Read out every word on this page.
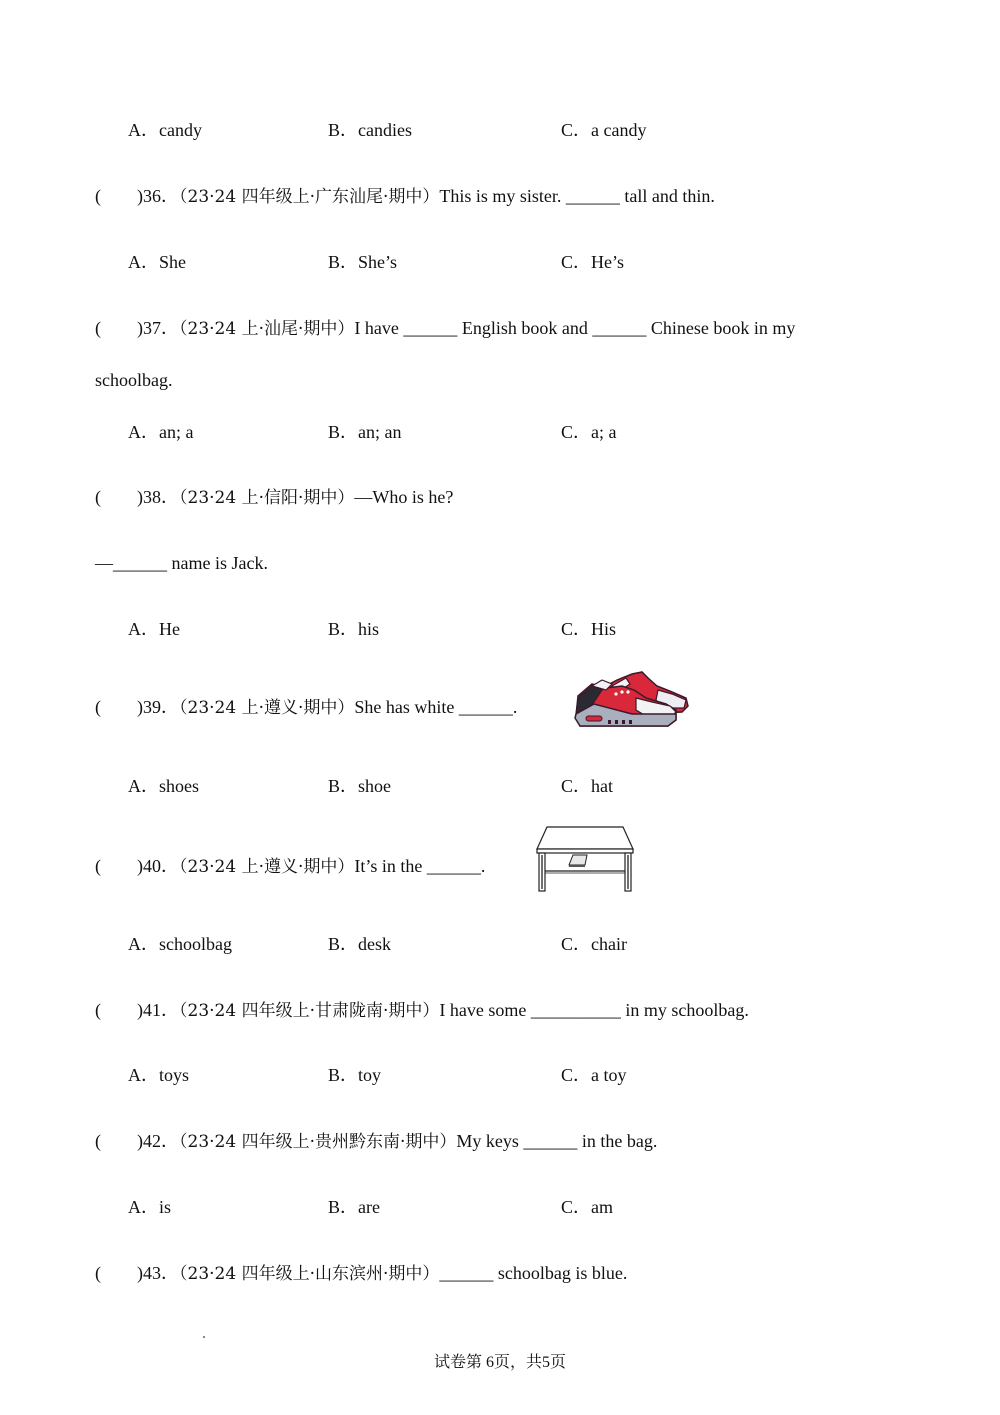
A．candy	B．candies	C．a candy
( )36．（23·24 四年级上·广东汕尾·期中）This is my sister. ______ tall and thin.
A．She	B．She’s	C．He’s
( )37．（23·24 上·汕尾·期中）I have ______ English book and ______ Chinese book in my
schoolbag.
A．an; a	B．an; an	C．a; a
( )38．（23·24 上·信阳·期中）—Who is he?
—______ name is Jack.
A．He	B．his	C．His
( )39．（23·24 上·遵义·期中）She has white ______.
A．shoes	B．shoe	C．hat
( )40．（23·24 上·遵义·期中）It’s in the ______.
A．schoolbag	B．desk	C．chair
( )41．（23·24 四年级上·甘肃陇南·期中）I have some __________ in my schoolbag.
A．toys	B．toy	C．a toy
( )42．（23·24 四年级上·贵州黔东南·期中）My keys ______ in the bag.
A．is	B．are	C．am
( )43．（23·24 四年级上·山东滨州·期中）______ schoolbag is blue.
试卷第 6页，共5页
